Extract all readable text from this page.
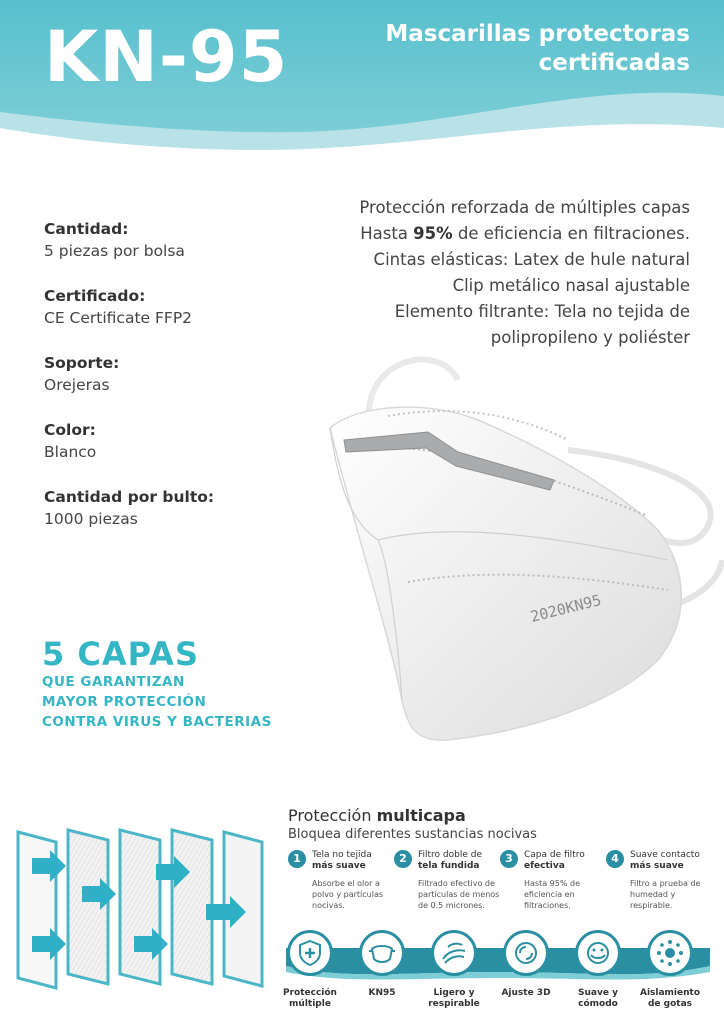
KN-95	Mascarillas protectoras
certificadas
Protección reforzada de múltiples capas
Hasta 95% de eficiencia en filtraciones.
Cintas elásticas: Latex de hule natural
Clip metálico nasal ajustable
Elemento filtrante: Tela no tejida de
polipropileno y poliéster
Cantidad:
5 piezas por bolsa
Certificado:
CE Certificate FFP2
Soporte:
Orejeras
Color:
Blanco
Cantidad por bulto:
1000 piezas
2020KN95
5 CAPAS
QUE GARANTIZAN
MAYOR PROTECCIÓN
CONTRA VIRUS Y BACTERIAS
Protección multicapa
Bloquea diferentes sustancias nocivas
1	Tela no tejida
más suave
Absorbe el olor a polvo y partículas nocivas.
2	Filtro doble de
tela fundida
Filtrado efectivo de partículas de menos de 0.5 micrones.
3	Capa de filtro
efectiva
Hasta 95% de eficiencia en filtraciones.
4	Suave contacto
más suave
Filtro a prueba de humedad y respirable.
Protección
múltiple
KN95	Ligero y
respirable
Ajuste 3D	Suave y
cómodo
Aislamiento
de gotas
